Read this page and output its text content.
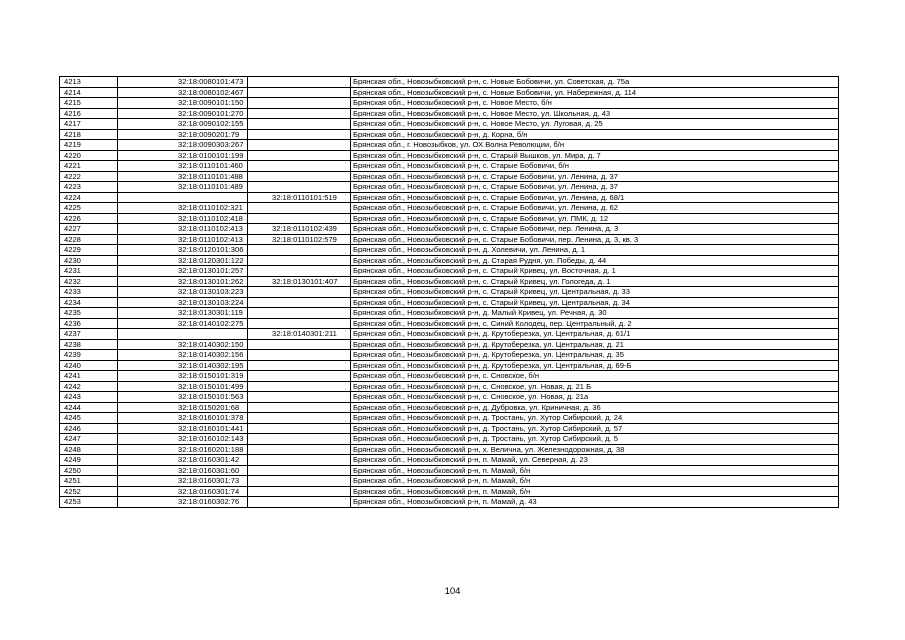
4213	32:18:0080101:473		Брянская обл., Новозыбковский р-н, с. Новые Бобовичи, ул. Советская, д. 75а
4214	32:18:0080102:467		Брянская обл., Новозыбковский р-н, с. Новые Бобовичи, ул. Набережная, д. 114
4215	32:18:0090101:150		Брянская обл., Новозыбковский р-н, с. Новое Место, б/н
4216	32:18:0090101:270		Брянская обл., Новозыбковский р-н, с. Новое Место, ул. Школьная, д. 43
4217	32:18:0090102:155		Брянская обл., Новозыбковский р-н, с. Новое Место, ул. Луговая, д. 25
4218	32:18:0090201:79		Брянская обл., Новозыбковский р-н, д. Корна, б/н
4219	32:18:0090303:267		Брянская обл., г. Новозыбков, ул. ОХ Волна Революции, б/н
4220	32:18:0100101:199		Брянская обл., Новозыбковский р-н, с. Старый Вышков, ул. Мира, д. 7
4221	32:18:0110101:460		Брянская обл., Новозыбковский р-н, с. Старые Бобовичи, б/н
4222	32:18:0110101:488		Брянская обл., Новозыбковский р-н, с. Старые Бобовичи, ул. Ленина, д. 37
4223	32:18:0110101:489		Брянская обл., Новозыбковский р-н, с. Старые Бобовичи, ул. Ленина, д. 37
4224		32:18:0110101:519	Брянская обл., Новозыбковский р-н, с. Старые Бобовичи, ул. Ленина, д. 68/1
4225	32:18:0110102:321		Брянская обл., Новозыбковский р-н, с. Старые Бобовичи, ул. Ленина, д. 62
4226	32:18:0110102:418		Брянская обл., Новозыбковский р-н, с. Старые Бобовичи, ул. ПМК, д. 12
4227	32:18:0110102:413	32:18:0110102:439	Брянская обл., Новозыбковский р-н, с. Старые Бобовичи, пер. Ленина, д. 3
4228	32:18:0110102:413	32:18:0110102:579	Брянская обл., Новозыбковский р-н, с. Старые Бобовичи, пер. Ленина, д. 3, кв. 3
4229	32:18:0120101:306		Брянская обл., Новозыбковский р-н, д. Холевичи, ул. Ленина, д. 1
4230	32:18:0120301:122		Брянская обл., Новозыбковский р-н, д. Старая Рудня, ул. Победы, д. 44
4231	32:18:0130101:257		Брянская обл., Новозыбковский р-н, с. Старый Кривец, ул. Восточная, д. 1
4232	32:18:0130101:262	32:18:0130101:407	Брянская обл., Новозыбковский р-н, с. Старый Кривец, ул. Гологеда, д. 1
4233	32:18:0130103:223		Брянская обл., Новозыбковский р-н, с. Старый Кривец, ул. Центральная, д. 33
4234	32:18:0130103:224		Брянская обл., Новозыбковский р-н, с. Старый Кривец, ул. Центральная, д. 34
4235	32:18:0130301:119		Брянская обл., Новозыбковский р-н, д. Малый Кривец, ул. Речная, д. 30
4236	32:18:0140102:275		Брянская обл., Новозыбковский р-н, с. Синий Колодец, пер. Центральный, д. 2
4237		32:18:0140301:211	Брянская обл., Новозыбковский р-н, д. Крутоберезка, ул. Центральная, д. 61/1
4238	32:18:0140302:150		Брянская обл., Новозыбковский р-н, д. Крутоберезка, ул. Центральная, д. 21
4239	32:18:0140302:156		Брянская обл., Новозыбковский р-н, д. Крутоберезка, ул. Центральная, д. 35
4240	32:18:0140302:195		Брянская обл., Новозыбковский р-н, д. Крутоберезка, ул. Центральная, д. 69-Б
4241	32:18:0150101:319		Брянская обл., Новозыбковский р-н, с. Сновское, б/н
4242	32:18:0150101:499		Брянская обл., Новозыбковский р-н, с. Сновское, ул. Новая, д. 21 Б
4243	32:18:0150101:563		Брянская обл., Новозыбковский р-н, с. Сновское, ул. Новая, д. 21а
4244	32:18:0150201:68		Брянская обл., Новозыбковский р-н, д. Дубровка, ул. Криничная, д. 36
4245	32:18:0160101:378		Брянская обл., Новозыбковский р-н, д. Тростань, ул. Хутор Сибирский, д. 24
4246	32:18:0160101:441		Брянская обл., Новозыбковский р-н, д. Тростань, ул. Хутор Сибирский, д. 57
4247	32:18:0160102:143		Брянская обл., Новозыбковский р-н, д. Тростань, ул. Хутор Сибирский, д. 5
4248	32:18:0160201:188		Брянская обл., Новозыбковский р-н, х. Велична, ул. Железнодорожная, д. 38
4249	32:18:0160301:42		Брянская обл., Новозыбковский р-н, п. Мамай, ул. Северная, д. 23
4250	32:18:0160301:60		Брянская обл., Новозыбковский р-н, п. Мамай, б/н
4251	32:18:0160301:73		Брянская обл., Новозыбковский р-н, п. Мамай, б/н
4252	32:18:0160301:74		Брянская обл., Новозыбковский р-н, п. Мамай, б/н
4253	32:18:0160302:76		Брянская обл., Новозыбковский р-н, п. Мамай, д. 43
104
